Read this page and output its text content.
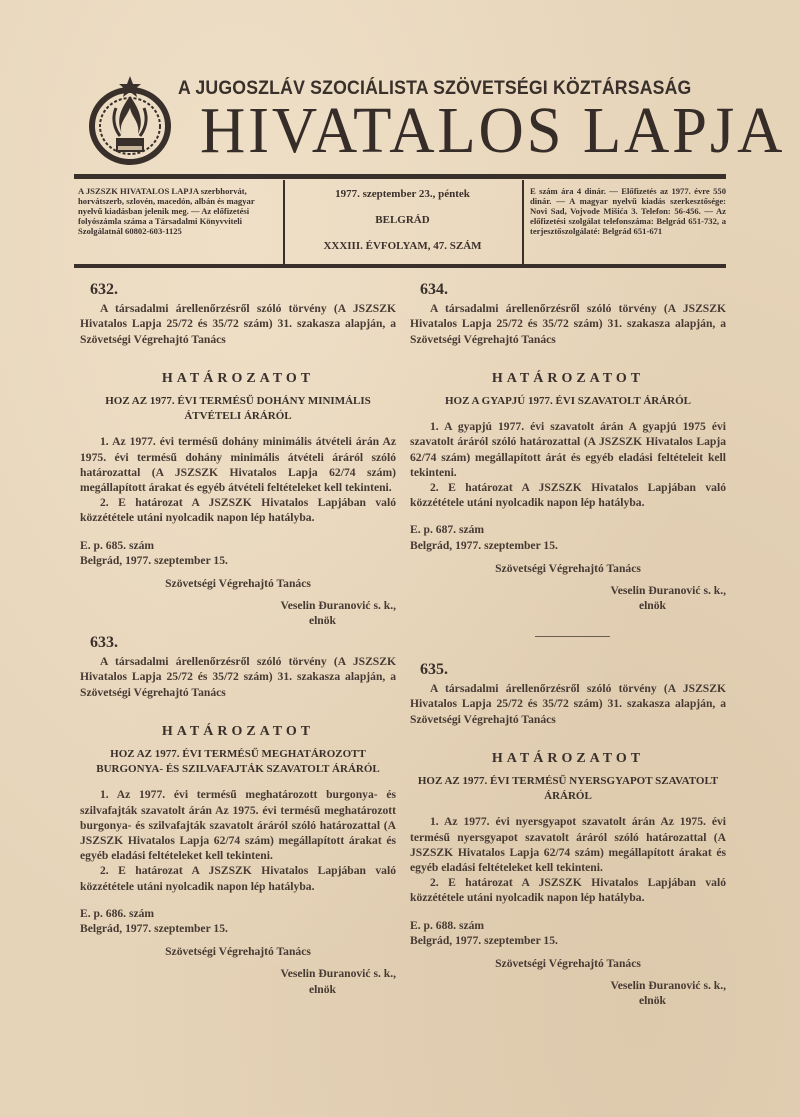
A JUGOSZLÁV SZOCIÁLISTA SZÖVETSÉGI KÖZTÁRSASÁG
HIVATALOS LAPJA
A JSZSZK HIVATALOS LAPJA szerbhorvát, horvátszerb, szlovén, macedón, albán és magyar nyelvű kiadásban jelenik meg. — Az előfizetési folyószámla száma a Társadalmi Könyvviteli Szolgálatnál 60802-603-1125
1977. szeptember 23., péntek
BELGRÁD
XXXIII. ÉVFOLYAM, 47. SZÁM
E szám ára 4 dinár. — Előfizetés az 1977. évre 550 dinár. — A magyar nyelvű kiadás szerkesztősége: Novi Sad, Vojvode Mišića 3. Telefon: 56-456. — Az előfizetési szolgálat telefonszáma: Belgrád 651-732, a terjesztőszolgálaté: Belgrád 651-671
632.

A társadalmi árellenőrzésről szóló törvény (A JSZSZK Hivatalos Lapja 25/72 és 35/72 szám) 31. szakasza alapján, a Szövetségi Végrehajtó Tanács

HATÁROZATOT
HOZ AZ 1977. ÉVI TERMÉSŰ DOHÁNY MINIMÁLIS ÁTVÉTELI ÁRÁRÓL

1. Az 1977. évi termésű dohány minimális átvételi árán Az 1975. évi termésű dohány minimális átvételi áráról szóló határozattal (A JSZSZK Hivatalos Lapja 62/74 szám) megállapított árakat és egyéb átvételi feltételeket kell tekinteni.

2. E határozat A JSZSZK Hivatalos Lapjában való közzététele utáni nyolcadik napon lép hatályba.

E. p. 685. szám
Belgrád, 1977. szeptember 15.
Szövetségi Végrehajtó Tanács
Veselin Đuranović s. k.,
elnök
633.

A társadalmi árellenőrzésről szóló törvény (A JSZSZK Hivatalos Lapja 25/72 és 35/72 szám) 31. szakasza alapján, a Szövetségi Végrehajtó Tanács

HATÁROZATOT
HOZ AZ 1977. ÉVI TERMÉSŰ MEGHATÁROZOTT BURGONYA- ÉS SZILVAFAJTÁK SZAVATOLT ÁRÁRÓL

1. Az 1977. évi termésű meghatározott burgonya- és szilvafajták szavatolt árán Az 1975. évi termésű meghatározott burgonya- és szilvafajták szavatolt áráról szóló határozattal (A JSZSZK Hivatalos Lapja 62/74 szám) megállapított árakat és egyéb eladási feltételeket kell tekinteni.

2. E határozat A JSZSZK Hivatalos Lapjában való közzététele utáni nyolcadik napon lép hatályba.

E. p. 686. szám
Belgrád, 1977. szeptember 15.
Szövetségi Végrehajtó Tanács
Veselin Đuranović s. k.,
elnök
634.

A társadalmi árellenőrzésről szóló törvény (A JSZSZK Hivatalos Lapja 25/72 és 35/72 szám) 31. szakasza alapján, a Szövetségi Végrehajtó Tanács

HATÁROZATOT
HOZ A GYAPJÚ 1977. ÉVI SZAVATOLT ÁRÁRÓL

1. A gyapjú 1977. évi szavatolt árán A gyapjú 1975 évi szavatolt áráról szóló határozattal (A JSZSZK Hivatalos Lapja 62/74 szám) megállapított árát és egyéb eladási feltételeit kell tekinteni.

2. E határozat A JSZSZK Hivatalos Lapjában való közzététele utáni nyolcadik napon lép hatályba.

E. p. 687. szám
Belgrád, 1977. szeptember 15.
Szövetségi Végrehajtó Tanács
Veselin Đuranović s. k.,
elnök
635.

A társadalmi árellenőrzésről szóló törvény (A JSZSZK Hivatalos Lapja 25/72 és 35/72 szám) 31. szakasza alapján, a Szövetségi Végrehajtó Tanács

HATÁROZATOT
HOZ AZ 1977. ÉVI TERMÉSŰ NYERSGYAPOT SZAVATOLT ÁRÁRÓL

1. Az 1977. évi nyersgyapot szavatolt árán Az 1975. évi termésű nyersgyapot szavatolt áráról szóló határozattal (A JSZSZK Hivatalos Lapja 62/74 szám) megállapított árakat és egyéb eladási feltételeket kell tekinteni.

2. E határozat A JSZSZK Hivatalos Lapjában való közzététele utáni nyolcadik napon lép hatályba.

E. p. 688. szám
Belgrád, 1977. szeptember 15.
Szövetségi Végrehajtó Tanács
Veselin Đuranović s. k.,
elnök
